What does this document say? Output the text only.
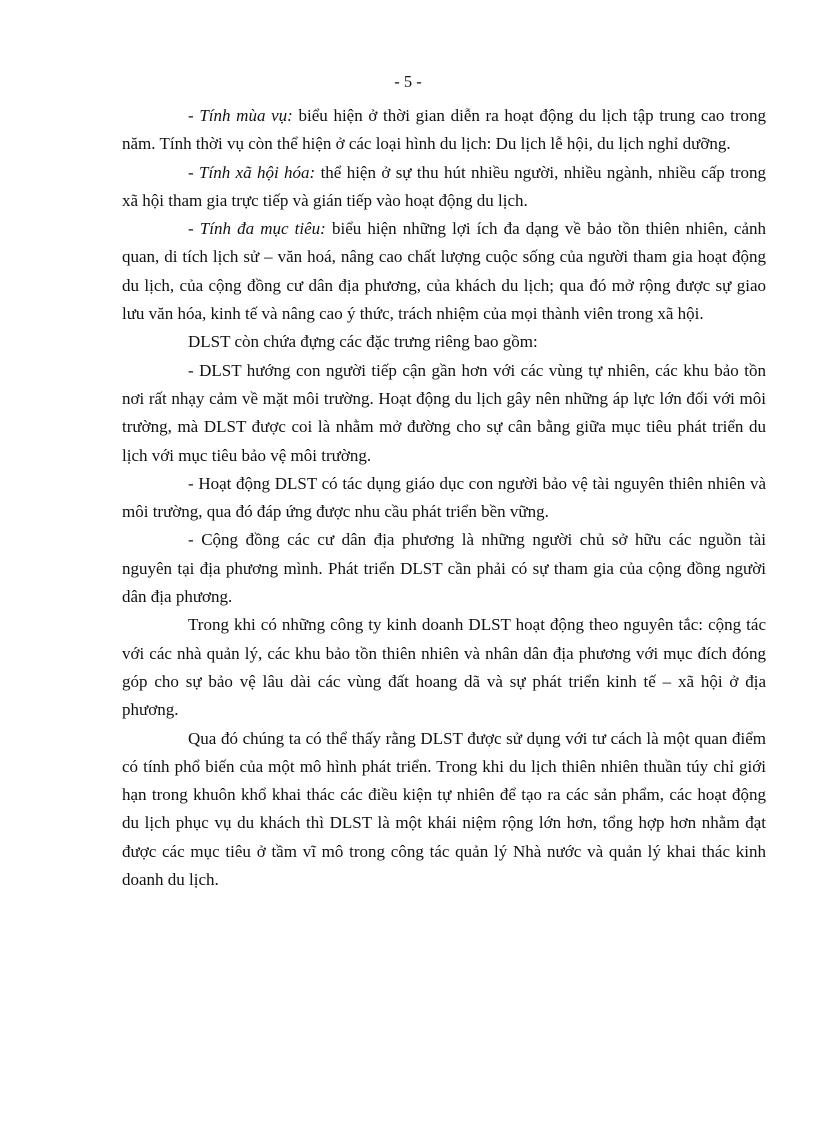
- 5 -

- Tính mùa vụ: biểu hiện ở thời gian diễn ra hoạt động du lịch tập trung cao trong năm. Tính thời vụ còn thể hiện ở các loại hình du lịch: Du lịch lễ hội, du lịch nghỉ dưỡng.

- Tính xã hội hóa: thể hiện ở sự thu hút nhiều người, nhiều ngành, nhiều cấp trong xã hội tham gia trực tiếp và gián tiếp vào hoạt động du lịch.

- Tính đa mục tiêu: biểu hiện những lợi ích đa dạng về bảo tồn thiên nhiên, cảnh quan, di tích lịch sử – văn hoá, nâng cao chất lượng cuộc sống của người tham gia hoạt động du lịch, của cộng đồng cư dân địa phương, của khách du lịch; qua đó mở rộng được sự giao lưu văn hóa, kinh tế và nâng cao ý thức, trách nhiệm của mọi thành viên trong xã hội.

DLST còn chứa đựng các đặc trưng riêng bao gồm:

- DLST hướng con người tiếp cận gần hơn với các vùng tự nhiên, các khu bảo tồn nơi rất nhạy cảm về mặt môi trường. Hoạt động du lịch gây nên những áp lực lớn đối với môi trường, mà DLST được coi là nhằm mở đường cho sự cân bằng giữa mục tiêu phát triển du lịch với mục tiêu bảo vệ môi trường.

- Hoạt động DLST có tác dụng giáo dục con người bảo vệ tài nguyên thiên nhiên và môi trường, qua đó đáp ứng được nhu cầu phát triển bền vững.

- Cộng đồng các cư dân địa phương là những người chủ sở hữu các nguồn tài nguyên tại địa phương mình. Phát triển DLST cần phải có sự tham gia của cộng đồng người dân địa phương.

Trong khi có những công ty kinh doanh DLST hoạt động theo nguyên tắc: cộng tác với các nhà quản lý, các khu bảo tồn thiên nhiên và nhân dân địa phương với mục đích đóng góp cho sự bảo vệ lâu dài các vùng đất hoang dã và sự phát triển kinh tế – xã hội ở địa phương.

Qua đó chúng ta có thể thấy rằng DLST được sử dụng với tư cách là một quan điểm có tính phổ biến của một mô hình phát triển. Trong khi du lịch thiên nhiên thuần túy chỉ giới hạn trong khuôn khổ khai thác các điều kiện tự nhiên để tạo ra các sản phẩm, các hoạt động du lịch phục vụ du khách thì DLST là một khái niệm rộng lớn hơn, tổng hợp hơn nhằm đạt được các mục tiêu ở tầm vĩ mô trong công tác quản lý Nhà nước và quản lý khai thác kinh doanh du lịch.
